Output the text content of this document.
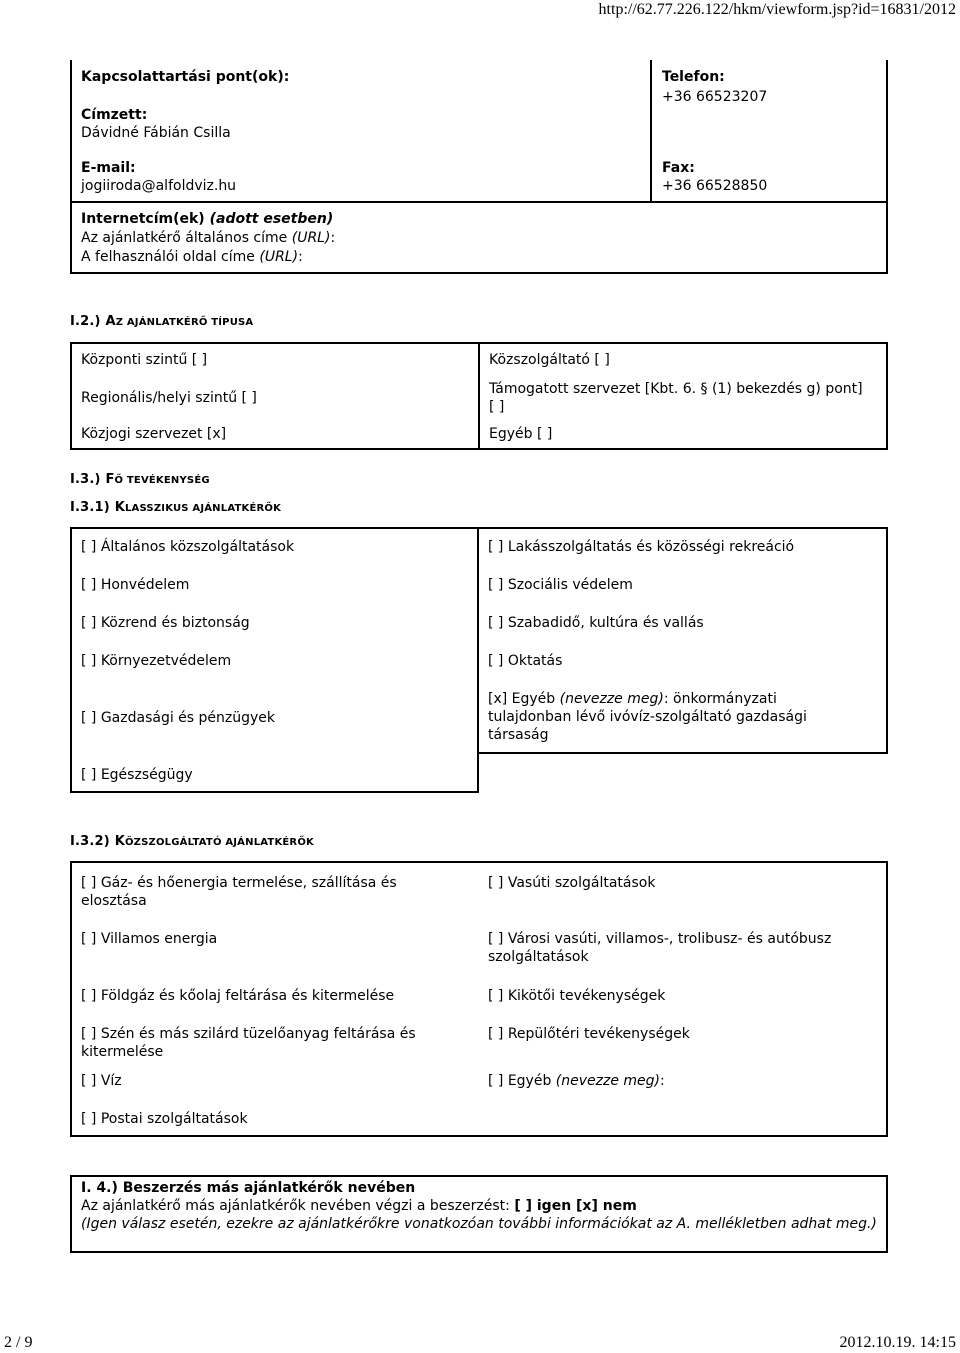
http://62.77.226.122/hkm/viewform.jsp?id=16831/2012
2 / 9	2012.10.19. 14:15
Kapcsolattartási pont(ok):
Címzett:
Dávidné Fábián Csilla
E-mail:
jogiiroda@alfoldviz.hu
Telefon:
+36 66523207
Fax:
+36 66528850
Internetcím(ek) (adott esetben)
Az ajánlatkérő általános címe (URL):
A felhasználói oldal címe (URL):
I.2.) AZ AJÁNLATKÉRŐ TÍPUSA
Központi szintű [ ]
Regionális/helyi szintű [ ]
Közjogi szervezet [x]
Közszolgáltató [ ]
Támogatott szervezet [Kbt. 6. § (1) bekezdés g) pont] [ ]
Egyéb [ ]
I.3.) FŐ TEVÉKENYSÉG
I.3.1) KLASSZIKUS AJÁNLATKÉRŐK
[ ] Általános közszolgáltatások
[ ] Honvédelem
[ ] Közrend és biztonság
[ ] Környezetvédelem
[ ] Gazdasági és pénzügyek
[ ] Egészségügy
[ ] Lakásszolgáltatás és közösségi rekreáció
[ ] Szociális védelem
[ ] Szabadidő, kultúra és vallás
[ ] Oktatás
[x] Egyéb (nevezze meg): önkormányzati tulajdonban lévő ivóvíz-szolgáltató gazdasági társaság
I.3.2) KÖZSZOLGÁLTATÓ AJÁNLATKÉRŐK
[ ] Gáz- és hőenergia termelése, szállítása és elosztása
[ ] Villamos energia
[ ] Földgáz és kőolaj feltárása és kitermelése
[ ] Szén és más szilárd tüzelőanyag feltárása és kitermelése
[ ] Víz
[ ] Postai szolgáltatások
[ ] Vasúti szolgáltatások
[ ] Városi vasúti, villamos-, trolibusz- és autóbusz szolgáltatások
[ ] Kikötői tevékenységek
[ ] Repülőtéri tevékenységek
[ ] Egyéb (nevezze meg):
I. 4.) Beszerzés más ajánlatkérők nevében
Az ajánlatkérő más ajánlatkérők nevében végzi a beszerzést: [ ] igen [x] nem
(Igen válasz esetén, ezekre az ajánlatkérőkre vonatkozóan további információkat az A. mellékletben adhat meg.)
